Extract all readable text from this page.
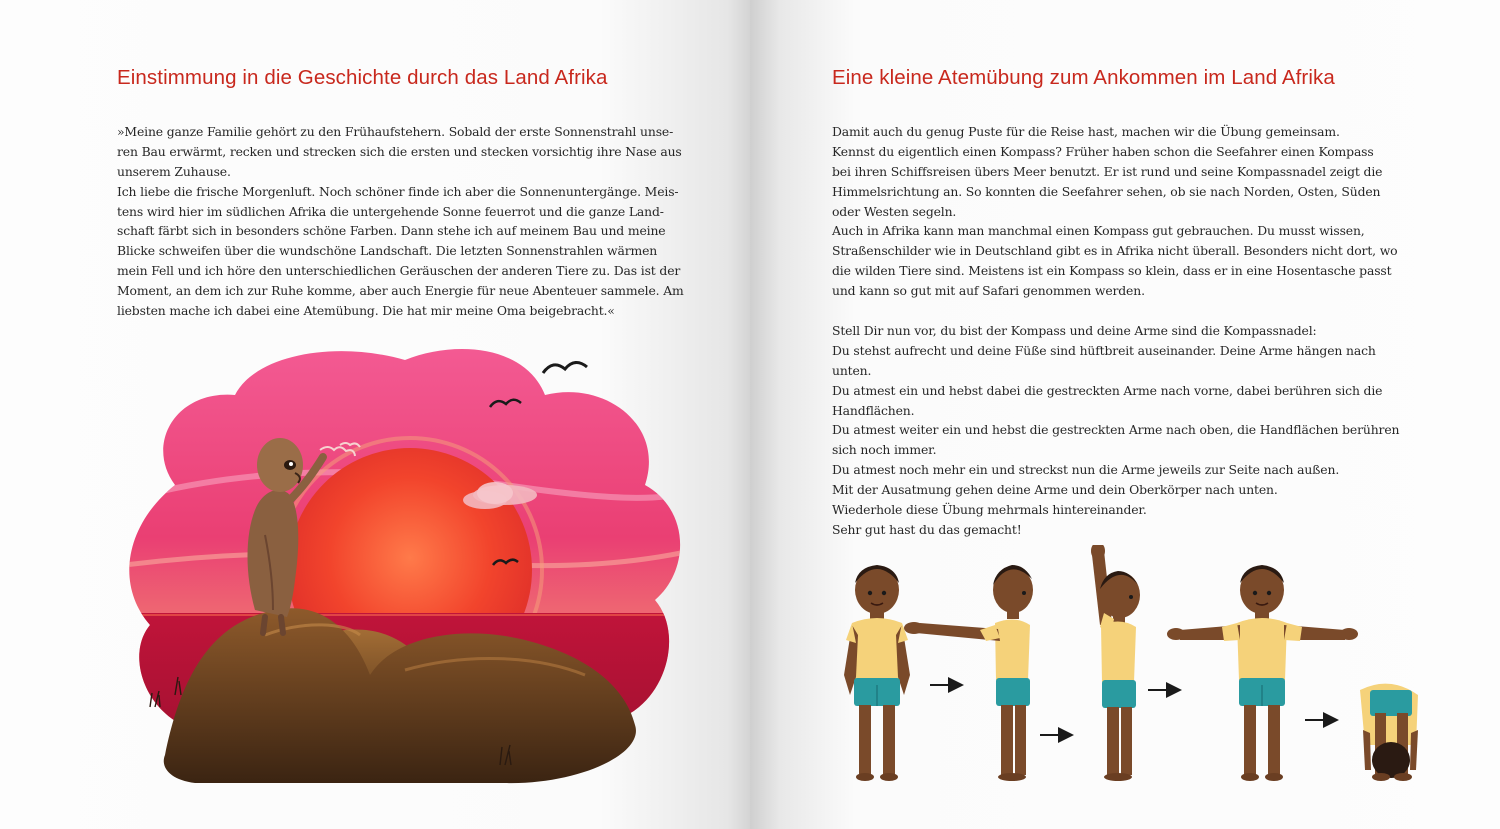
Einstimmung in die Geschichte durch das Land Afrika
»Meine ganze Familie gehört zu den Frühaufstehern. Sobald der erste Sonnenstrahl unse-
ren Bau erwärmt, recken und strecken sich die ersten und stecken vorsichtig ihre Nase aus
unserem Zuhause.
Ich liebe die frische Morgenluft. Noch schöner finde ich aber die Sonnenuntergänge. Meis-
tens wird hier im südlichen Afrika die untergehende Sonne feuerrot und die ganze Land-
schaft färbt sich in besonders schöne Farben. Dann stehe ich auf meinem Bau und meine
Blicke schweifen über die wundschöne Landschaft. Die letzten Sonnenstrahlen wärmen
mein Fell und ich höre den unterschiedlichen Geräuschen der anderen Tiere zu. Das ist der
Moment, an dem ich zur Ruhe komme, aber auch Energie für neue Abenteuer sammele. Am
liebsten mache ich dabei eine Atemübung. Die hat mir meine Oma beigebracht.«
Eine kleine Atemübung zum Ankommen im Land Afrika
Damit auch du genug Puste für die Reise hast, machen wir die Übung gemeinsam.
Kennst du eigentlich einen Kompass? Früher haben schon die Seefahrer einen Kompass
bei ihren Schiffsreisen übers Meer benutzt. Er ist rund und seine Kompassnadel zeigt die
Himmelsrichtung an. So konnten die Seefahrer sehen, ob sie nach Norden, Osten, Süden
oder Westen segeln.
Auch in Afrika kann man manchmal einen Kompass gut gebrauchen. Du musst wissen,
Straßenschilder wie in Deutschland gibt es in Afrika nicht überall. Besonders nicht dort, wo
die wilden Tiere sind. Meistens ist ein Kompass so klein, dass er in eine Hosentasche passt
und kann so gut mit auf Safari genommen werden.
Stell Dir nun vor, du bist der Kompass und deine Arme sind die Kompassnadel:
Du stehst aufrecht und deine Füße sind hüftbreit auseinander. Deine Arme hängen nach
unten.
Du atmest ein und hebst dabei die gestreckten Arme nach vorne, dabei berühren sich die
Handflächen.
Du atmest weiter ein und hebst die gestreckten Arme nach oben, die Handflächen berühren
sich noch immer.
Du atmest noch mehr ein und streckst nun die Arme jeweils zur Seite nach außen.
Mit der Ausatmung gehen deine Arme und dein Oberkörper nach unten.
Wiederhole diese Übung mehrmals hintereinander.
Sehr gut hast du das gemacht!
